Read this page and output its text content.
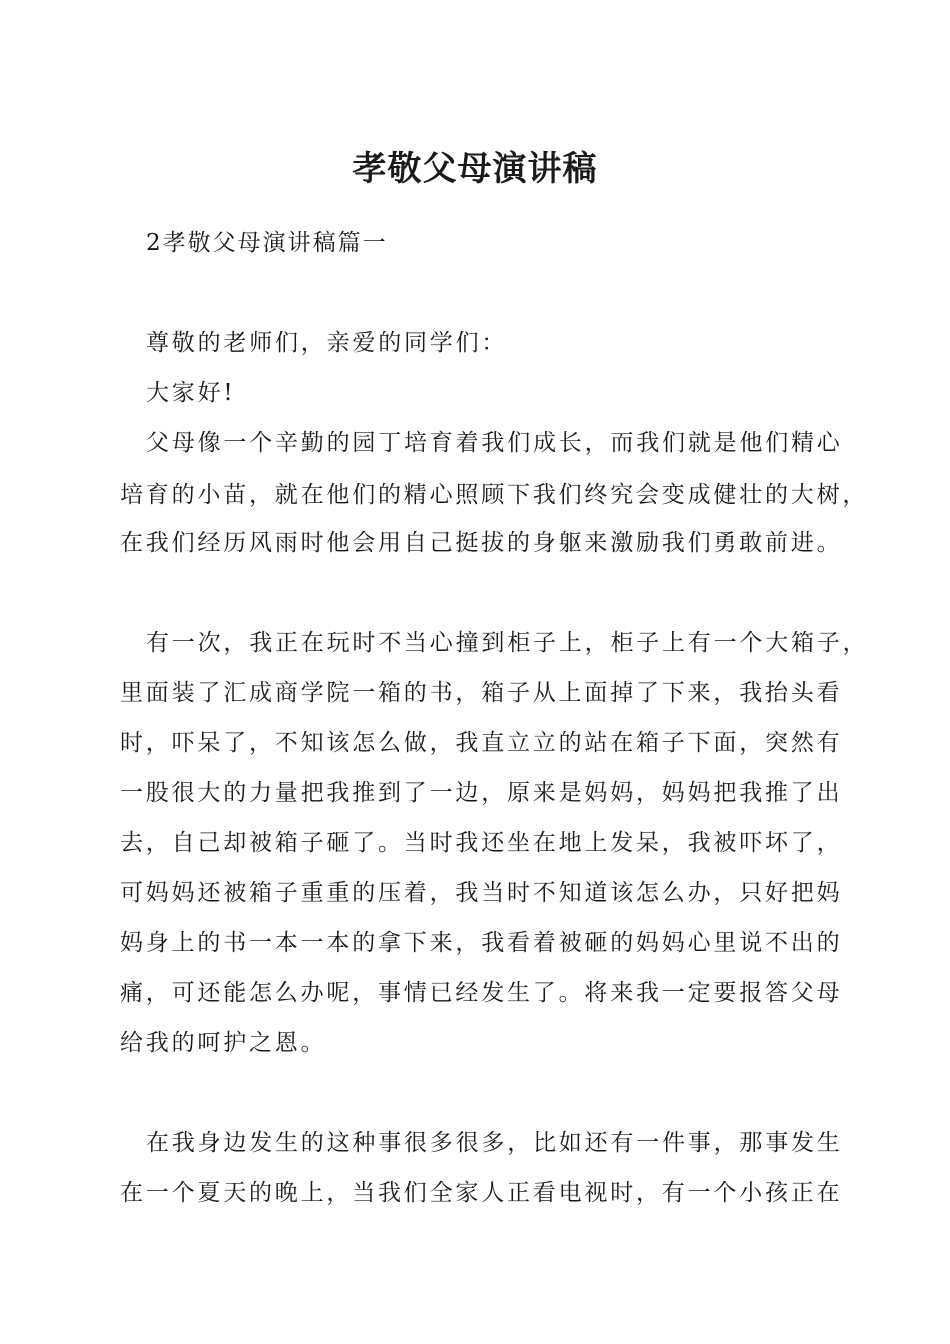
孝敬父母演讲稿
2孝敬父母演讲稿篇一
尊敬的老师们，亲爱的同学们：
大家好!
父母像一个辛勤的园丁培育着我们成长，而我们就是他们精心
培育的小苗，就在他们的精心照顾下我们终究会变成健壮的大树，
在我们经历风雨时他会用自己挺拔的身躯来激励我们勇敢前进。
有一次，我正在玩时不当心撞到柜子上，柜子上有一个大箱子，
里面装了汇成商学院一箱的书，箱子从上面掉了下来，我抬头看
时，吓呆了，不知该怎么做，我直立立的站在箱子下面，突然有
一股很大的力量把我推到了一边，原来是妈妈，妈妈把我推了出
去，自己却被箱子砸了。当时我还坐在地上发呆，我被吓坏了，
可妈妈还被箱子重重的压着，我当时不知道该怎么办，只好把妈
妈身上的书一本一本的拿下来，我看着被砸的妈妈心里说不出的
痛，可还能怎么办呢，事情已经发生了。将来我一定要报答父母
给我的呵护之恩。
在我身边发生的这种事很多很多，比如还有一件事，那事发生
在一个夏天的晚上，当我们全家人正看电视时，有一个小孩正在
